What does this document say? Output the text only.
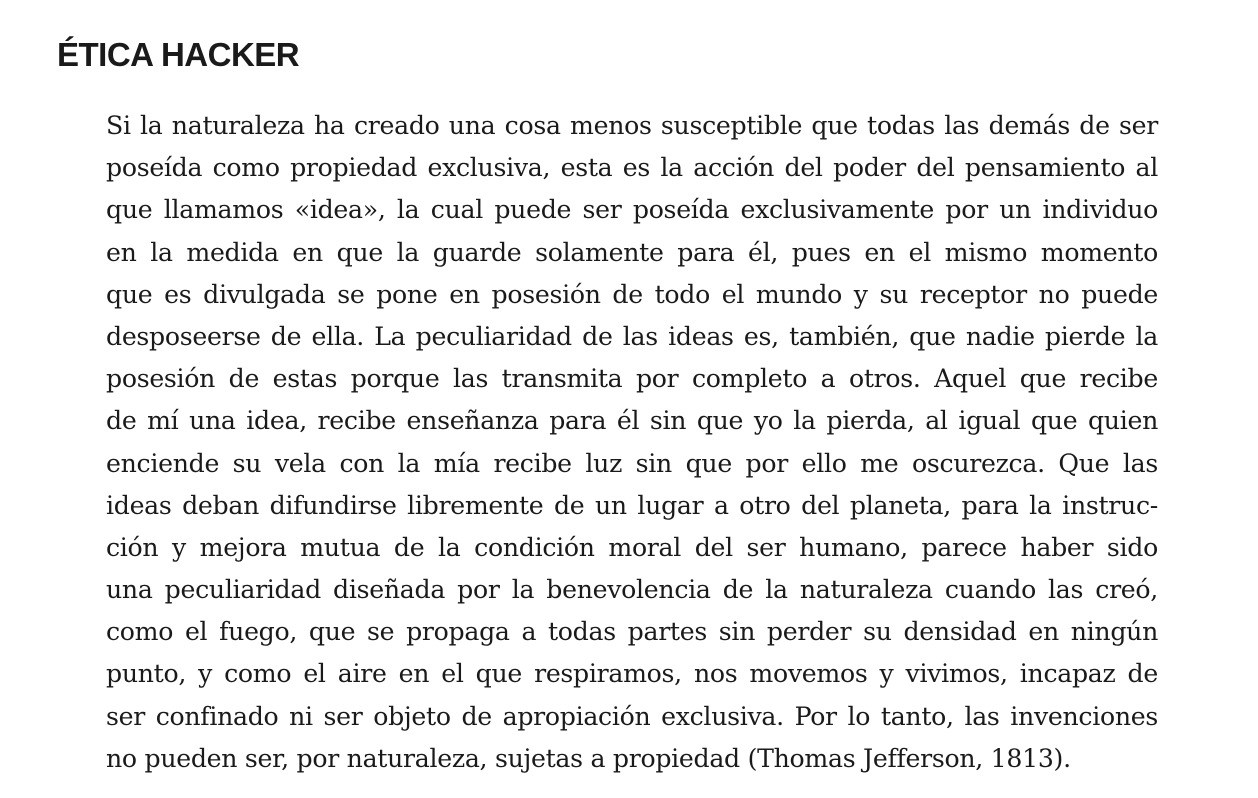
ÉTICA HACKER
Si la naturaleza ha creado una cosa menos susceptible que todas las demás de ser
poseída como propiedad exclusiva, esta es la acción del poder del pensamiento al
que llamamos «idea», la cual puede ser poseída exclusivamente por un individuo
en la medida en que la guarde solamente para él, pues en el mismo momento
que es divulgada se pone en posesión de todo el mundo y su receptor no puede
desposeerse de ella. La peculiaridad de las ideas es, también, que nadie pierde la
posesión de estas porque las transmita por completo a otros. Aquel que recibe
de mí una idea, recibe enseñanza para él sin que yo la pierda, al igual que quien
enciende su vela con la mía recibe luz sin que por ello me oscurezca. Que las
ideas deban difundirse libremente de un lugar a otro del planeta, para la instruc-
ción y mejora mutua de la condición moral del ser humano, parece haber sido
una peculiaridad diseñada por la benevolencia de la naturaleza cuando las creó,
como el fuego, que se propaga a todas partes sin perder su densidad en ningún
punto, y como el aire en el que respiramos, nos movemos y vivimos, incapaz de
ser confinado ni ser objeto de apropiación exclusiva. Por lo tanto, las invenciones
no pueden ser, por naturaleza, sujetas a propiedad (Thomas Jefferson, 1813).
